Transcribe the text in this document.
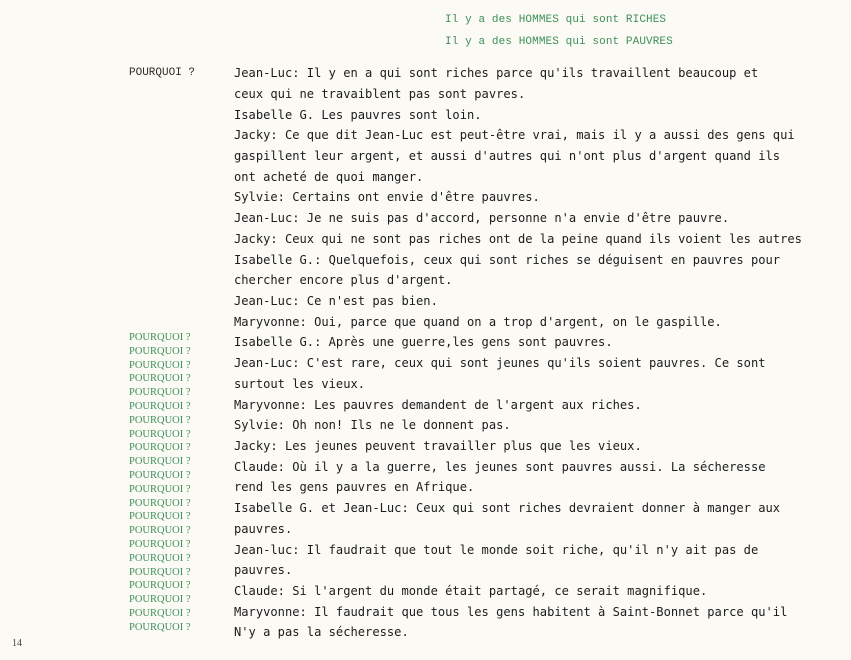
Il y a des HOMMES qui sont RICHES
Il y a des HOMMES qui sont PAUVRES
POURQUOI ?
POURQUOI ?
POURQUOI ?
POURQUOI ?
POURQUOI ?
POURQUOI ?
POURQUOI ?
POURQUOI ?
POURQUOI ?
POURQUOI ?
POURQUOI ?
POURQUOI ?
POURQUOI ?
POURQUOI ?
POURQUOI ?
POURQUOI ?
POURQUOI ?
POURQUOI ?
POURQUOI ?
POURQUOI ?
POURQUOI ?
POURQUOI ?
POURQUOI ?
Jean-Luc: Il y en a qui sont riches parce qu'ils travaillent beaucoup et
ceux qui ne travaiblent pas sont pavres.
Isabelle G. Les pauvres sont loin.
Jacky: Ce que dit Jean-Luc est peut-être vrai, mais il y a aussi des gens qui
gaspillent leur argent, et aussi d'autres qui n'ont plus d'argent quand ils
ont acheté de quoi manger.
Sylvie: Certains ont envie d'être pauvres.
Jean-Luc: Je ne suis pas d'accord, personne n'a envie d'être pauvre.
Jacky: Ceux qui ne sont pas riches ont de la peine quand ils voient les autres
Isabelle G.: Quelquefois, ceux qui sont riches se déguisent en pauvres pour
chercher encore plus d'argent.
Jean-Luc: Ce n'est pas bien.
Maryvonne: Oui, parce que quand on a trop d'argent, on le gaspille.
Isabelle G.: Après une guerre,les gens sont pauvres.
Jean-Luc: C'est rare, ceux qui sont jeunes qu'ils soient pauvres. Ce sont
surtout les vieux.
Maryvonne: Les pauvres demandent de l'argent aux riches.
Sylvie: Oh non! Ils ne le donnent pas.
Jacky: Les jeunes peuvent travailler plus que les vieux.
Claude: Où il y a la guerre, les jeunes sont pauvres aussi. La sécheresse
rend les gens pauvres en Afrique.
Isabelle G. et Jean-Luc: Ceux qui sont riches devraient donner à manger aux
pauvres.
Jean-luc: Il faudrait que tout le monde soit riche, qu'il n'y ait pas de
pauvres.
Claude: Si l'argent du monde était partagé, ce serait magnifique.
Maryvonne: Il faudrait que tous les gens habitent à Saint-Bonnet parce qu'il
N'y a pas la sécheresse.
14
